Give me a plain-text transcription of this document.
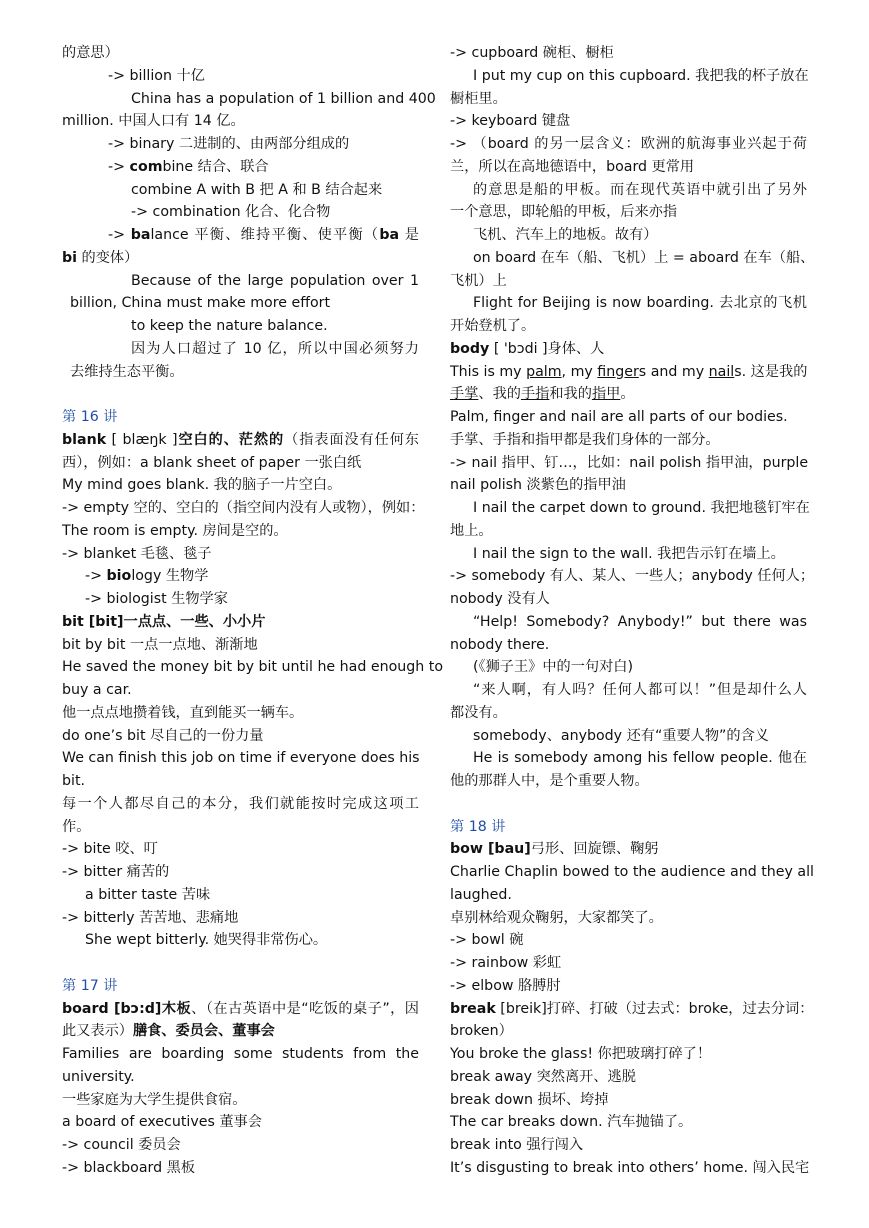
的意思）
-> billion 十亿
China has a population of 1 billion and 400
million. 中国人口有 14 亿。
-> binary 二进制的、由两部分组成的
-> combine 结合、联合
combine A with B 把 A 和 B 结合起来
-> combination 化合、化合物
-> balance 平衡、维持平衡、使平衡（ba 是
bi 的变体）
Because of the large population over 1
billion, China must make more effort
to keep the nature balance.
因为人口超过了 10 亿，所以中国必须努力
去维持生态平衡。
第 16 讲
blank [ blæŋk ]空白的、茫然的（指表面没有任何东
西），例如：a blank sheet of paper 一张白纸
My mind goes blank. 我的脑子一片空白。
-> empty 空的、空白的（指空间内没有人或物），例如：
The room is empty. 房间是空的。
-> blanket 毛毯、毯子
-> biology 生物学
-> biologist 生物学家
bit [bit]一点点、一些、小小片
bit by bit 一点一点地、渐渐地
He saved the money bit by bit until he had enough to
buy a car.
他一点点地攒着钱，直到能买一辆车。
do one’s bit 尽自己的一份力量
We can finish this job on time if everyone does his
bit.
每一个人都尽自己的本分，我们就能按时完成这项工
作。
-> bite 咬、叮
-> bitter 痛苦的
a bitter taste 苦味
-> bitterly 苦苦地、悲痛地
She wept bitterly. 她哭得非常伤心。
第 17 讲
board [bɔ:d]木板、（在古英语中是“吃饭的桌子”，因
此又表示）膳食、委员会、董事会
Families are boarding some students from the
university.
一些家庭为大学生提供食宿。
a board of executives 董事会
-> council 委员会
-> blackboard 黑板
-> cupboard 碗柜、橱柜
I put my cup on this cupboard. 我把我的杯子放在
橱柜里。
-> keyboard 键盘
-> （board 的另一层含义：欧洲的航海事业兴起于荷
兰，所以在高地德语中，board 更常用
的意思是船的甲板。而在现代英语中就引出了另外
一个意思，即轮船的甲板，后来亦指
飞机、汽车上的地板。故有）
on board 在车（船、飞机）上 = aboard 在车（船、
飞机）上
Flight for Beijing is now boarding. 去北京的飞机
开始登机了。
body [ 'bɔdi ]身体、人
This is my palm, my fingers and my nails. 这是我的
手掌、我的手指和我的指甲。
Palm, finger and nail are all parts of our bodies.
手掌、手指和指甲都是我们身体的一部分。
-> nail 指甲、钉…，比如：nail polish 指甲油，purple
nail polish 淡紫色的指甲油
I nail the carpet down to ground. 我把地毯钉牢在
地上。
I nail the sign to the wall. 我把告示钉在墙上。
-> somebody 有人、某人、一些人；anybody 任何人；
nobody 没有人
“Help! Somebody? Anybody!” but there was
nobody there.
(《狮子王》中的一句对白)
“来人啊，有人吗？任何人都可以！”但是却什么人
都没有。
somebody、anybody 还有“重要人物”的含义
He is somebody among his fellow people. 他在
他的那群人中，是个重要人物。
第 18 讲
bow [bau]弓形、回旋镖、鞠躬
Charlie Chaplin bowed to the audience and they all
laughed.
卓别林给观众鞠躬，大家都笑了。
-> bowl 碗
-> rainbow 彩虹
-> elbow 胳膊肘
break [breik]打碎、打破（过去式：broke，过去分词：
broken）
You broke the glass! 你把玻璃打碎了！
break away 突然离开、逃脱
break down 损坏、垮掉
The car breaks down. 汽车抛锚了。
break into 强行闯入
It’s disgusting to break into others’ home. 闯入民宅
